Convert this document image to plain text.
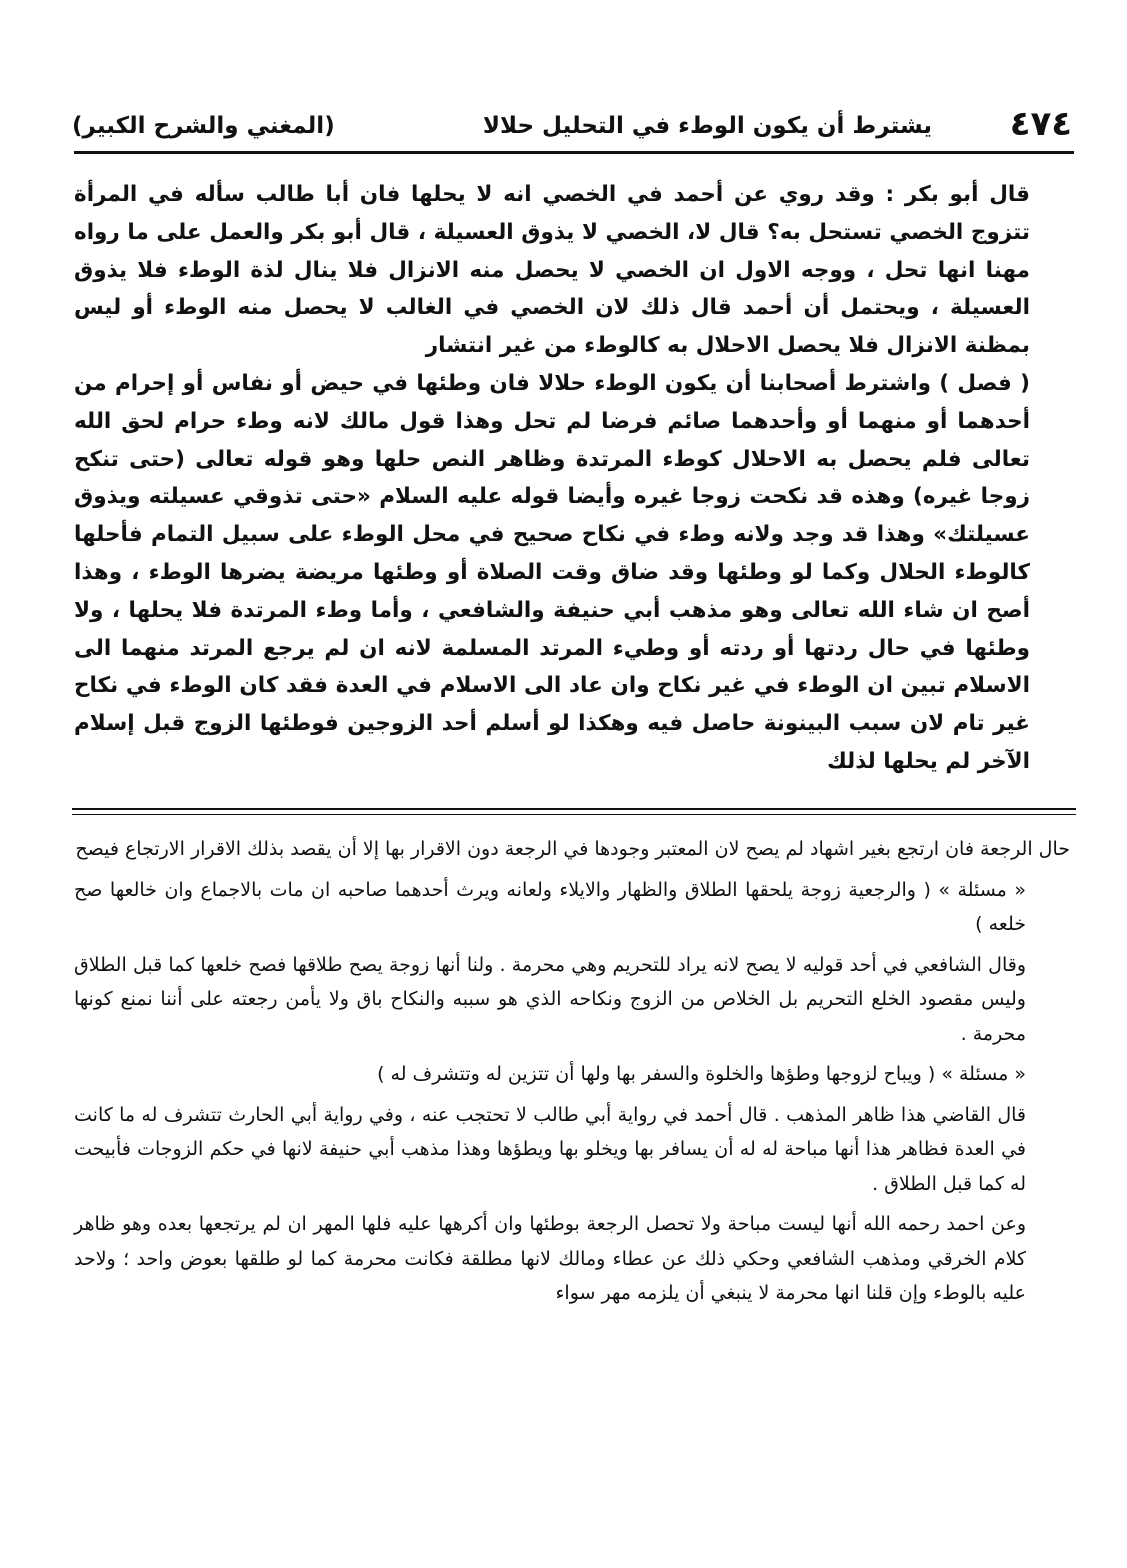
٤٧٤
يشترط أن يكون الوطء في التحليل حلالا
(المغني والشرح الكبير)

قال أبو بكر : وقد روي عن أحمد في الخصي انه لا يحلها فان أبا طالب سأله في المرأة تتزوج الخصي تستحل به؟ قال لا، الخصي لا يذوق العسيلة ، قال أبو بكر والعمل على ما رواه مهنا انها تحل ، ووجه الاول ان الخصي لا يحصل منه الانزال فلا ينال لذة الوطء فلا يذوق العسيلة ، ويحتمل أن أحمد قال ذلك لان الخصي في الغالب لا يحصل منه الوطء أو ليس بمظنة الانزال فلا يحصل الاحلال به كالوطء من غير انتشار

( فصل ) واشترط أصحابنا أن يكون الوطء حلالا فان وطئها في حيض أو نفاس أو إحرام من أحدهما أو منهما أو وأحدهما صائم فرضا لم تحل وهذا قول مالك لانه وطء حرام لحق الله تعالى فلم يحصل به الاحلال كوطء المرتدة وظاهر النص حلها وهو قوله تعالى (حتى تنكح زوجا غيره) وهذه قد نكحت زوجا غيره وأيضا قوله عليه السلام «حتى تذوقي عسيلته ويذوق عسيلتك» وهذا قد وجد ولانه وطء في نكاح صحيح في محل الوطء على سبيل التمام فأحلها كالوطء الحلال وكما لو وطئها وقد ضاق وقت الصلاة أو وطئها مريضة يضرها الوطء ، وهذا أصح ان شاء الله تعالى وهو مذهب أبي حنيفة والشافعي ، وأما وطء المرتدة فلا يحلها ، ولا وطئها في حال ردتها أو ردته أو وطيء المرتد المسلمة لانه ان لم يرجع المرتد منهما الى الاسلام تبين ان الوطء في غير نكاح وان عاد الى الاسلام في العدة فقد كان الوطء في نكاح غير تام لان سبب البينونة حاصل فيه وهكذا لو أسلم أحد الزوجين فوطئها الزوج قبل إسلام الآخر لم يحلها لذلك

حال الرجعة فان ارتجع بغير اشهاد لم يصح لان المعتبر وجودها في الرجعة دون الاقرار بها إلا أن يقصد بذلك الاقرار الارتجاع فيصح

« مسئلة » ( والرجعية زوجة يلحقها الطلاق والظهار والايلاء ولعانه ويرث أحدهما صاحبه ان مات بالاجماع وان خالعها صح خلعه )

وقال الشافعي في أحد قوليه لا يصح لانه يراد للتحريم وهي محرمة . ولنا أنها زوجة يصح طلاقها فصح خلعها كما قبل الطلاق وليس مقصود الخلع التحريم بل الخلاص من الزوج ونكاحه الذي هو سببه والنكاح باق ولا يأمن رجعته على أننا نمنع كونها محرمة .

« مسئلة » ( ويباح لزوجها وطؤها والخلوة والسفر بها ولها أن تتزين له وتتشرف له )

قال القاضي هذا ظاهر المذهب . قال أحمد في رواية أبي طالب لا تحتجب عنه ، وفي رواية أبي الحارث تتشرف له ما كانت في العدة فظاهر هذا أنها مباحة له له أن يسافر بها ويخلو بها ويطؤها وهذا مذهب أبي حنيفة لانها في حكم الزوجات فأبيحت له كما قبل الطلاق .

وعن احمد رحمه الله أنها ليست مباحة ولا تحصل الرجعة بوطئها وان أكرهها عليه فلها المهر ان لم يرتجعها بعده وهو ظاهر كلام الخرقي ومذهب الشافعي وحكي ذلك عن عطاء ومالك لانها مطلقة فكانت محرمة كما لو طلقها بعوض واحد ؛ ولاحد عليه بالوطء وإن قلنا انها محرمة لا ينبغي أن يلزمه مهر سواء
